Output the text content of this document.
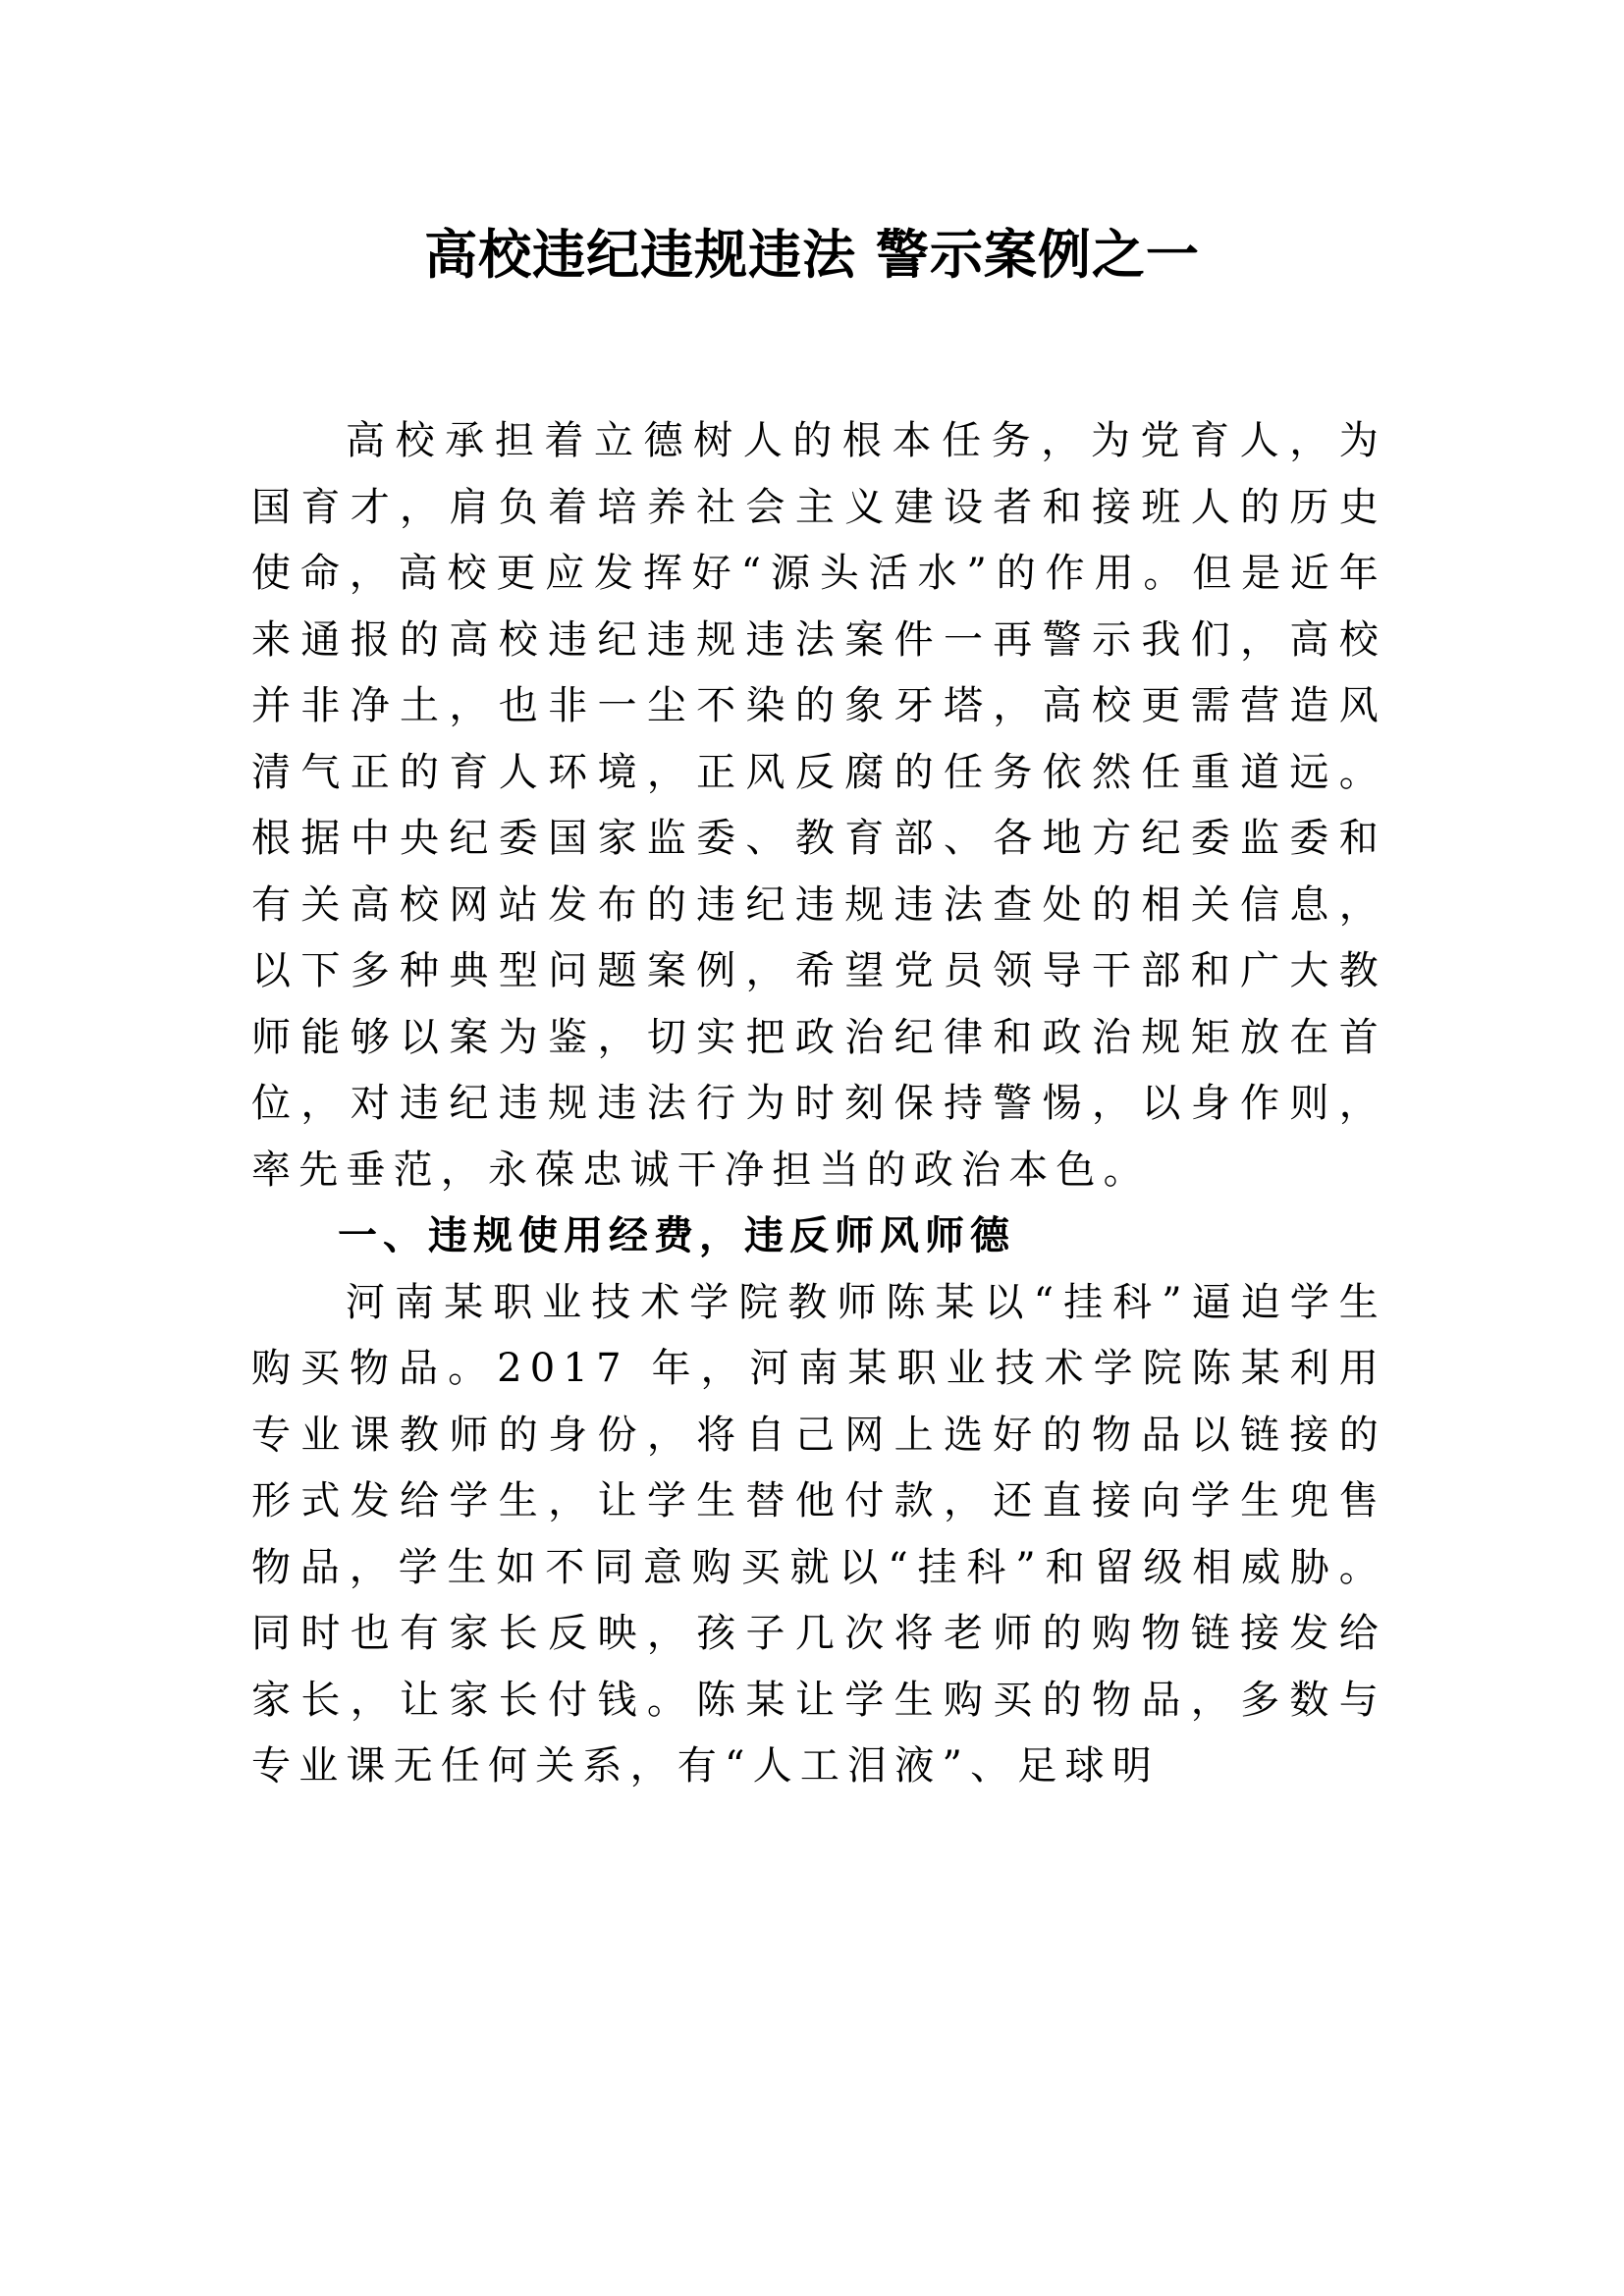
高校违纪违规违法 警示案例之一

高校承担着立德树人的根本任务，为党育人，为国育才，肩负着培养社会主义建设者和接班人的历史使命，高校更应发挥好“源头活水”的作用。但是近年来通报的高校违纪违规违法案件一再警示我们，高校并非净土，也非一尘不染的象牙塔，高校更需营造风清气正的育人环境，正风反腐的任务依然任重道远。根据中央纪委国家监委、教育部、各地方纪委监委和有关高校网站发布的违纪违规违法查处的相关信息，以下多种典型问题案例，希望党员领导干部和广大教师能够以案为鉴，切实把政治纪律和政治规矩放在首位，对违纪违规违法行为时刻保持警惕，以身作则，率先垂范，永葆忠诚干净担当的政治本色。

一、违规使用经费，违反师风师德

河南某职业技术学院教师陈某以“挂科”逼迫学生购买物品。2017 年，河南某职业技术学院陈某利用专业课教师的身份，将自己网上选好的物品以链接的形式发给学生，让学生替他付款，还直接向学生兜售物品，学生如不同意购买就以“挂科”和留级相威胁。同时也有家长反映，孩子几次将老师的购物链接发给家长，让家长付钱。陈某让学生购买的物品，多数与专业课无任何关系，有“人工泪液”、足球明
